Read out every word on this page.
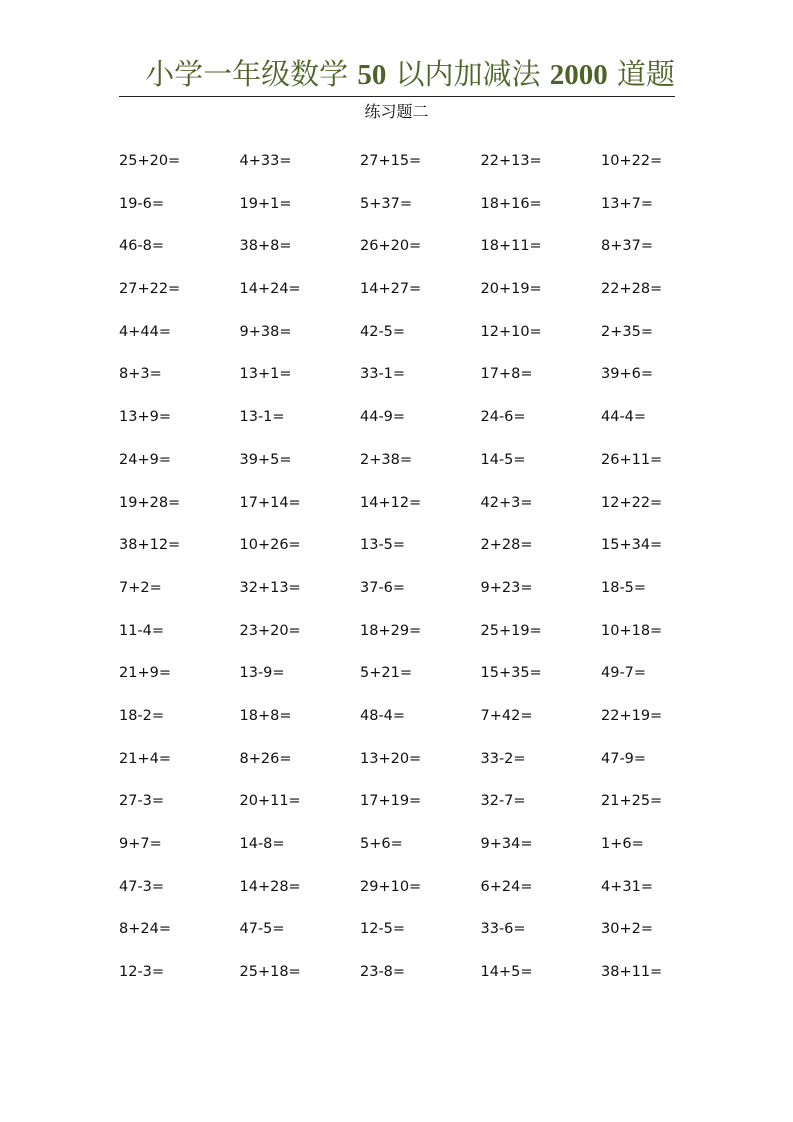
小学一年级数学 50 以内加减法 2000 道题
练习题二
25+20=	4+33=	27+15=	22+13=	10+22=
19-6=	19+1=	5+37=	18+16=	13+7=
46-8=	38+8=	26+20=	18+11=	8+37=
27+22=	14+24=	14+27=	20+19=	22+28=
4+44=	9+38=	42-5=	12+10=	2+35=
8+3=	13+1=	33-1=	17+8=	39+6=
13+9=	13-1=	44-9=	24-6=	44-4=
24+9=	39+5=	2+38=	14-5=	26+11=
19+28=	17+14=	14+12=	42+3=	12+22=
38+12=	10+26=	13-5=	2+28=	15+34=
7+2=	32+13=	37-6=	9+23=	18-5=
11-4=	23+20=	18+29=	25+19=	10+18=
21+9=	13-9=	5+21=	15+35=	49-7=
18-2=	18+8=	48-4=	7+42=	22+19=
21+4=	8+26=	13+20=	33-2=	47-9=
27-3=	20+11=	17+19=	32-7=	21+25=
9+7=	14-8=	5+6=	9+34=	1+6=
47-3=	14+28=	29+10=	6+24=	4+31=
8+24=	47-5=	12-5=	33-6=	30+2=
12-3=	25+18=	23-8=	14+5=	38+11=
